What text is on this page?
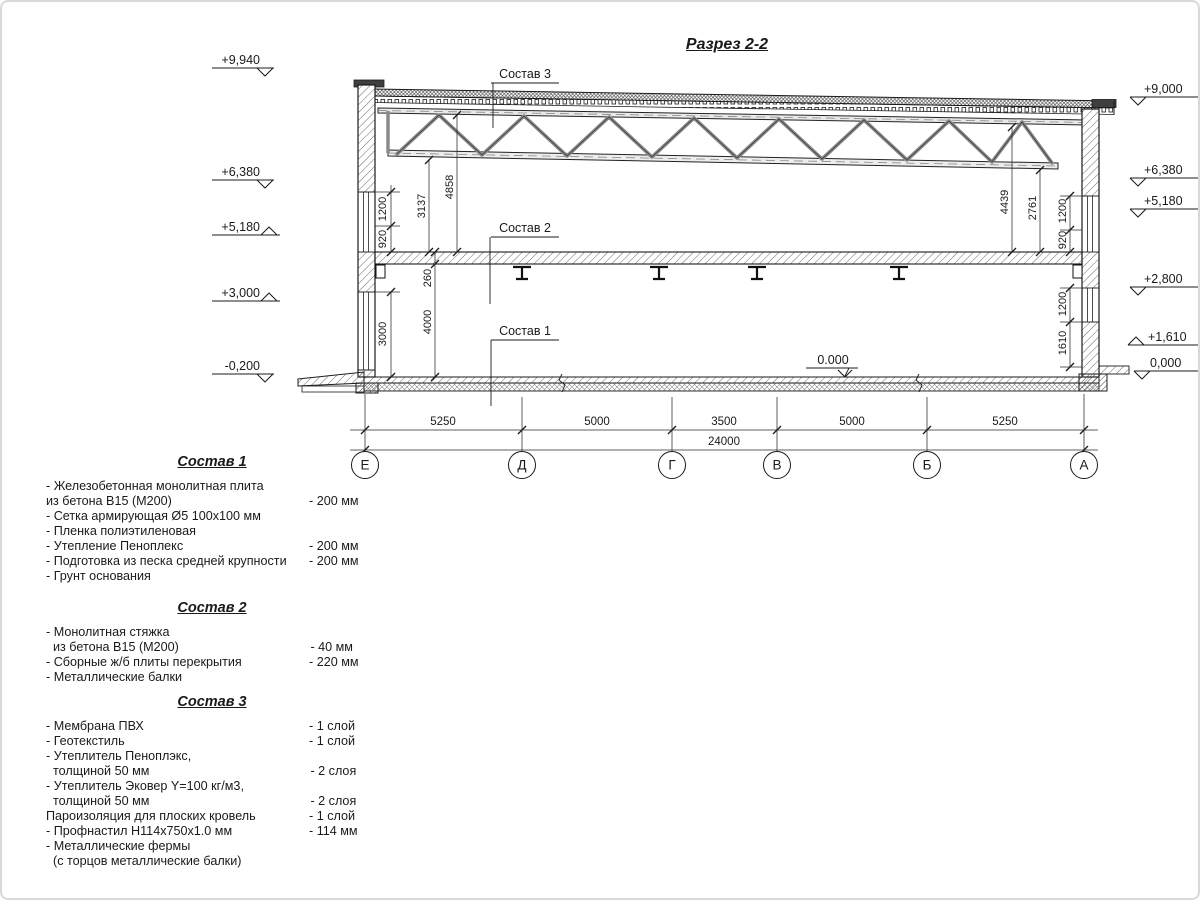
Разрез 2-2
Состав 3
Состав 2
Состав 1
0.000
+9,940
+6,380
+5,180
+3,000
-0,200
+9,000
+6,380
+5,180
+2,800
+1,610
0,000
1200
920
3137
4858
260
4000
3000
4439 2761 1200
920
1200
1610
5250	5000	3500	5000	5250
24000
Е	Д	Г	В	Б	А
Состав 1
- Железобетонная монолитная плита
из бетона В15 (М200)	- 200 мм
- Сетка армирующая Ø5 100х100 мм
- Пленка полиэтиленовая
- Утепление Пеноплекс	- 200 мм
- Подготовка из песка средней крупности	- 200 мм
- Грунт основания
Состав 2
- Монолитная стяжка
из бетона В15 (М200)	- 40 мм
- Сборные ж/б плиты перекрытия	- 220 мм
- Металлические балки
Состав 3
- Мембрана ПВХ	- 1 слой
- Геотекстиль	- 1 слой
- Утеплитель Пеноплэкс,
толщиной 50 мм	- 2 слоя
- Утеплитель Эковер Y=100 кг/м3,
толщиной 50 мм	- 2 слоя
Пароизоляция для плоских кровель	- 1 слой
- Профнастил Н114х750х1.0 мм	- 114 мм
- Металлические фермы
(с торцов металлические балки)
